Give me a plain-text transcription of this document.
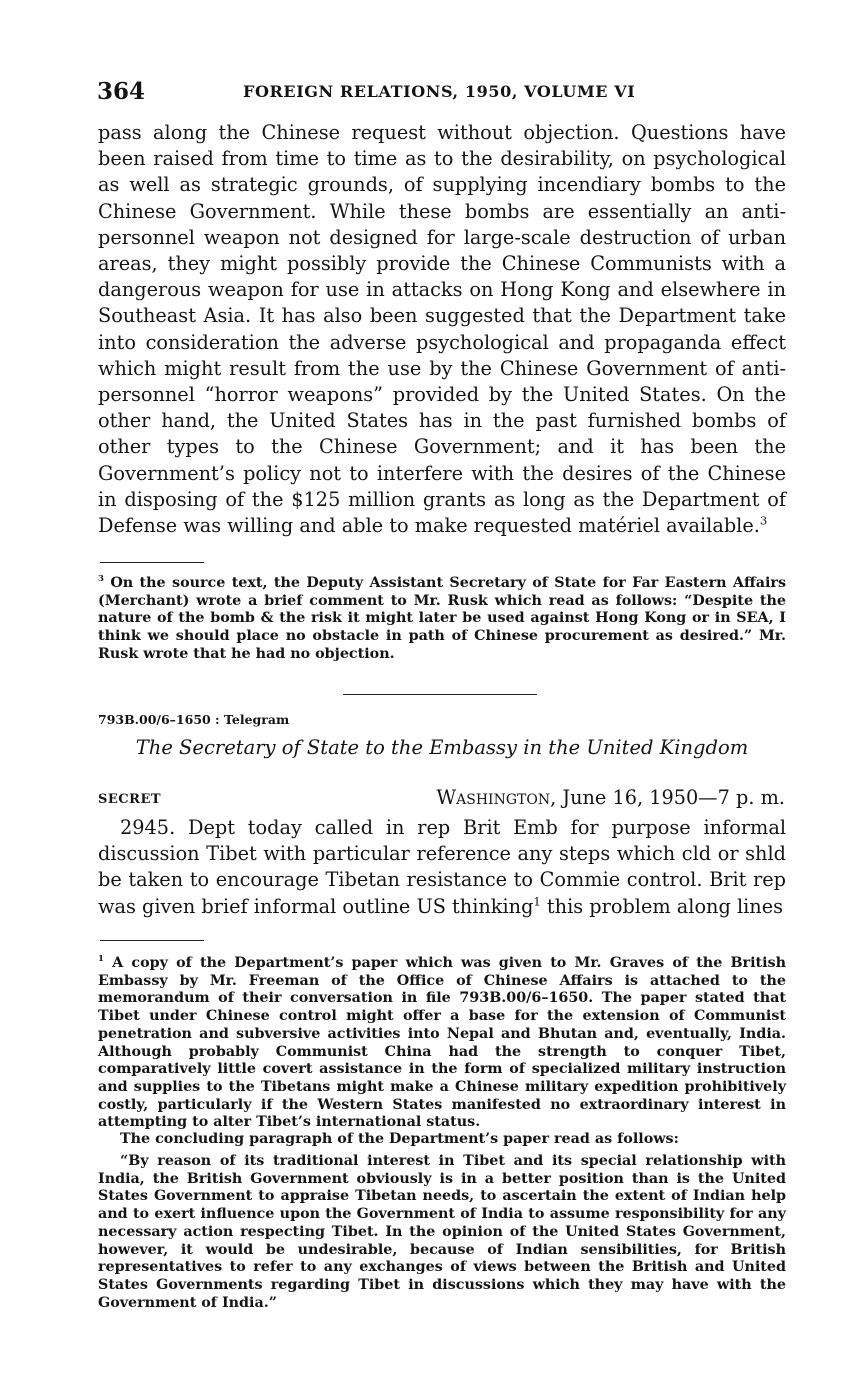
364	FOREIGN RELATIONS, 1950, VOLUME VI

pass along the Chinese request without objection. Questions have been raised from time to time as to the desirability, on psychological as well as strategic grounds, of supplying incendiary bombs to the Chinese Government. While these bombs are essentially an anti-personnel weapon not designed for large-scale destruction of urban areas, they might possibly provide the Chinese Communists with a dangerous weapon for use in attacks on Hong Kong and elsewhere in Southeast Asia. It has also been suggested that the Department take into consideration the adverse psychological and propaganda effect which might result from the use by the Chinese Government of anti-personnel “horror weapons” provided by the United States. On the other hand, the United States has in the past furnished bombs of other types to the Chinese Government; and it has been the Government’s policy not to interfere with the desires of the Chinese in disposing of the $125 million grants as long as the Department of Defense was willing and able to make requested matériel available.$^3$

$^3$ On the source text, the Deputy Assistant Secretary of State for Far Eastern Affairs (Merchant) wrote a brief comment to Mr. Rusk which read as follows: “Despite the nature of the bomb & the risk it might later be used against Hong Kong or in SEA, I think we should place no obstacle in path of Chinese procurement as desired.” Mr. Rusk wrote that he had no objection.

793B.00/6–1650 : Telegram
The Secretary of State to the Embassy in the United Kingdom
SECRET	Washington, June 16, 1950—7 p. m.

2945. Dept today called in rep Brit Emb for purpose informal discussion Tibet with particular reference any steps which cld or shld be taken to encourage Tibetan resistance to Commie control. Brit rep was given brief informal outline US thinking$^1$ this problem along lines

$^1$ A copy of the Department’s paper which was given to Mr. Graves of the British Embassy by Mr. Freeman of the Office of Chinese Affairs is attached to the memorandum of their conversation in file 793B.00/6–1650. The paper stated that Tibet under Chinese control might offer a base for the extension of Communist penetration and subversive activities into Nepal and Bhutan and, eventually, India. Although probably Communist China had the strength to conquer Tibet, comparatively little covert assistance in the form of specialized military instruction and supplies to the Tibetans might make a Chinese military expedition prohibitively costly, particularly if the Western States manifested no extraordinary interest in attempting to alter Tibet’s international status.

The concluding paragraph of the Department’s paper read as follows:

“By reason of its traditional interest in Tibet and its special relationship with India, the British Government obviously is in a better position than is the United States Government to appraise Tibetan needs, to ascertain the extent of Indian help and to exert influence upon the Government of India to assume responsibility for any necessary action respecting Tibet. In the opinion of the United States Government, however, it would be undesirable, because of Indian sensibilities, for British representatives to refer to any exchanges of views between the British and United States Governments regarding Tibet in discussions which they may have with the Government of India.”
